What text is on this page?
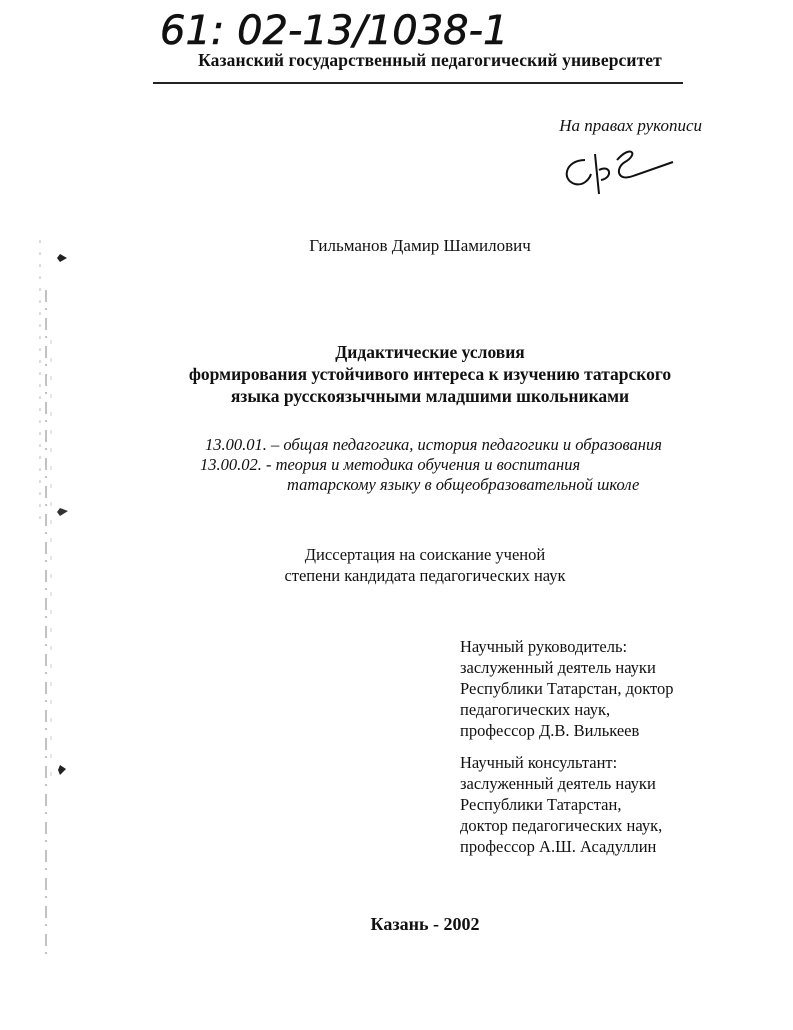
61: 02-13/1038-1
Казанский государственный педагогический университет
На правах рукописи
Гильманов Дамир Шамилович
Дидактические условия
формирования устойчивого интереса к изучению татарского
языка русскоязычными младшими школьниками
13.00.01. – общая педагогика, история педагогики и образования
13.00.02. - теория и методика обучения и воспитания
татарскому языку в общеобразовательной школе
Диссертация на соискание ученой
степени кандидата педагогических наук
Научный руководитель:
заслуженный деятель науки
Республики Татарстан, доктор
педагогических наук,
профессор Д.В. Вилькеев
Научный консультант:
заслуженный деятель науки
Республики Татарстан,
доктор педагогических наук,
профессор А.Ш. Асадуллин
Казань - 2002
